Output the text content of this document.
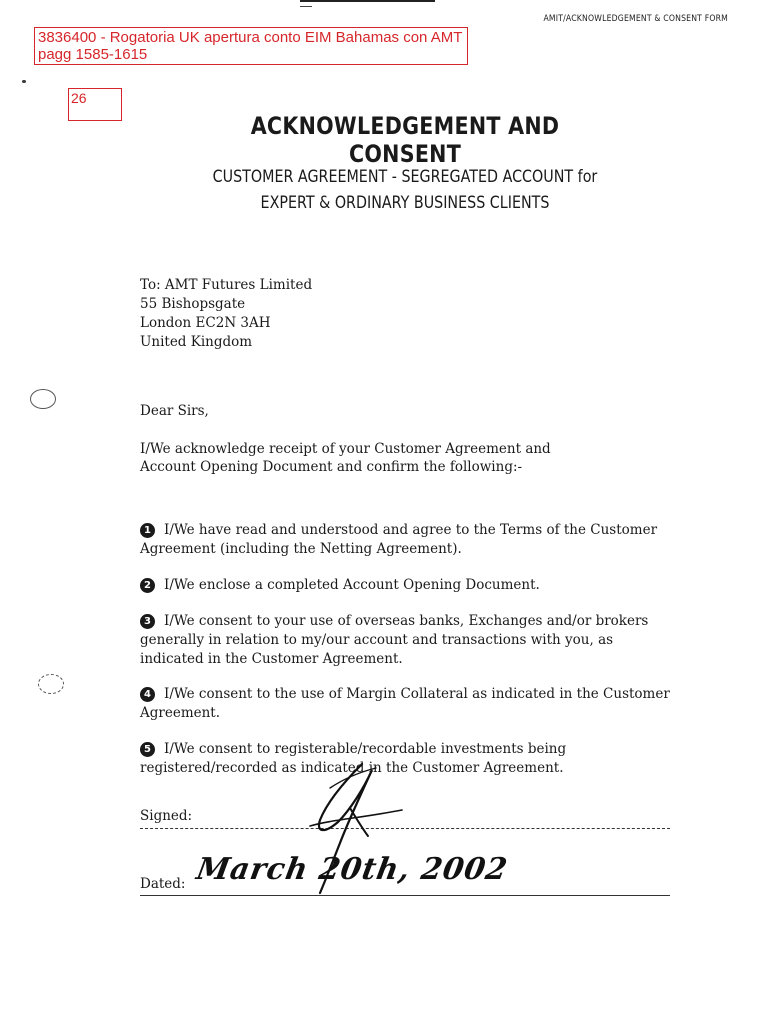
3836400 - Rogatoria UK apertura conto EIM Bahamas con AMT pagg 1585-1615
26
AMIT/ACKNOWLEDGEMENT & CONSENT FORM
ACKNOWLEDGEMENT AND CONSENT
CUSTOMER AGREEMENT - SEGREGATED ACCOUNT for
EXPERT & ORDINARY BUSINESS CLIENTS
To: AMT Futures Limited
55 Bishopsgate
London EC2N 3AH
United Kingdom
Dear Sirs,
I/We acknowledge receipt of your Customer Agreement and Account Opening Document and confirm the following:-
1 I/We have read and understood and agree to the Terms of the Customer Agreement (including the Netting Agreement).
2 I/We enclose a completed Account Opening Document.
3 I/We consent to your use of overseas banks, Exchanges and/or brokers generally in relation to my/our account and transactions with you, as indicated in the Customer Agreement.
4 I/We consent to the use of Margin Collateral as indicated in the Customer Agreement.
5 I/We consent to registerable/recordable investments being registered/recorded as indicated in the Customer Agreement.
Signed:
Dated: March 20th, 2002
